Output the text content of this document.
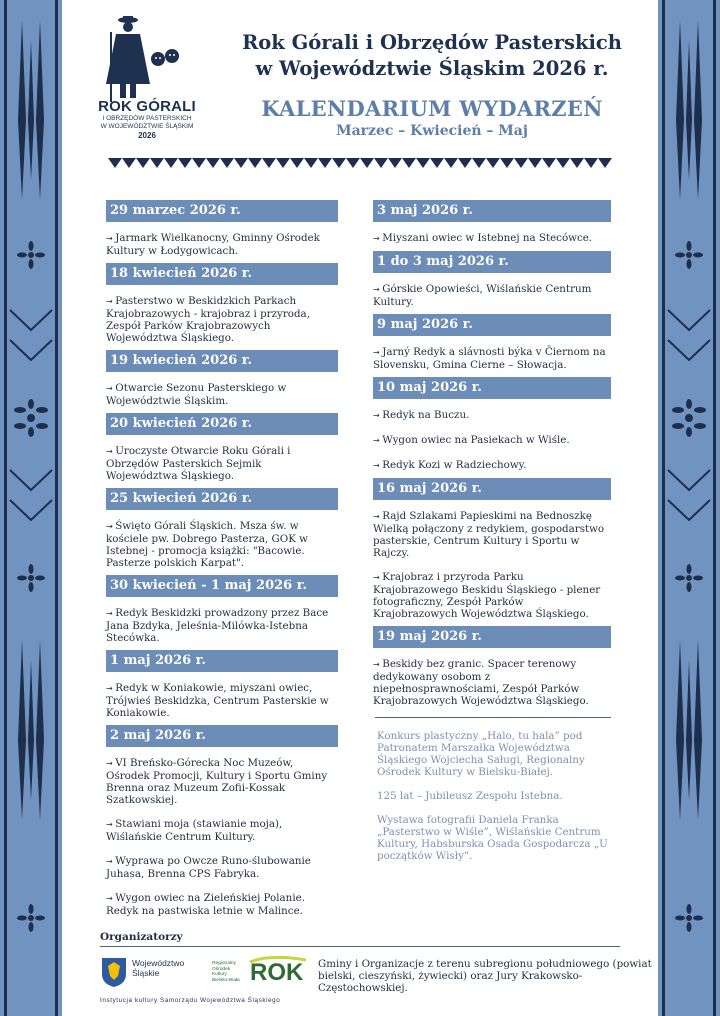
ROK GÓRALI
I OBRZĘDÓW PASTERSKICH
W WOJEWÓDZTWIE ŚLĄSKIM
2026
Rok Górali i Obrzędów Pasterskich
w Województwie Śląskim 2026 r.
KALENDARIUM WYDARZEŃ
Marzec – Kwiecień – Maj
29 marzec 2026 r.
→ Jarmark Wielkanocny, Gminny Ośrodek Kultury w Łodygowicach.
18 kwiecień 2026 r.
→ Pasterstwo w Beskidzkich Parkach Krajobrazowych - krajobraz i przyroda, Zespół Parków Krajobrazowych Województwa Śląskiego.
19 kwiecień 2026 r.
→ Otwarcie Sezonu Pasterskiego w Województwie Śląskim.
20 kwiecień 2026 r.
→ Uroczyste Otwarcie Roku Górali i Obrzędów Pasterskich Sejmik Województwa Śląskiego.
25 kwiecień 2026 r.
→ Święto Górali Śląskich. Msza św. w kościele pw. Dobrego Pasterza, GOK w Istebnej - promocja książki: "Bacowie. Pasterze polskich Karpat".
30 kwiecień - 1 maj 2026 r.
→ Redyk Beskidzki prowadzony przez Bace Jana Bzdyka, Jeleśnia-Milówka-Istebna Stecówka.
1 maj 2026 r.
→ Redyk w Koniakowie, miyszani owiec, Trójwieś Beskidzka, Centrum Pasterskie w Koniakowie.
2 maj 2026 r.
→ VI Breńsko-Górecka Noc Muzeów, Ośrodek Promocji, Kultury i Sportu Gminy Brenna oraz Muzeum Zofii-Kossak Szatkowskiej.
→ Stawiani moja (stawianie moja), Wiślańskie Centrum Kultury.
→ Wyprawa po Owcze Runo-ślubowanie Juhasa, Brenna CPS Fabryka.
→ Wygon owiec na Zieleńskiej Polanie. Redyk na pastwiska letnie w Malince.
3 maj 2026 r.
→ Miyszani owiec w Istebnej na Stecówce.
1 do 3 maj 2026 r.
→ Górskie Opowieści, Wiślańskie Centrum Kultury.
9 maj 2026 r.
→ Jarný Redyk a slávnosti býka v Čiernom na Slovensku, Gmina Cierne – Słowacja.
10 maj 2026 r.
→ Redyk na Buczu.
→ Wygon owiec na Pasiekach w Wiśle.
→ Redyk Kozi w Radziechowy.
16 maj 2026 r.
→ Rajd Szlakami Papieskimi na Bednoszkę Wielką połączony z redykiem, gospodarstwo pasterskie, Centrum Kultury i Sportu w Rajczy.
→ Krajobraz i przyroda Parku Krajobrazowego Beskidu Śląskiego - plener fotograficzny, Zespół Parków Krajobrazowych Województwa Śląskiego.
19 maj 2026 r.
→ Beskidy bez granic. Spacer terenowy dedykowany osobom z niepełnosprawnościami, Zespół Parków Krajobrazowych Województwa Śląskiego.
Konkurs plastyczny „Halo, tu hala” pod Patronatem Marszałka Województwa Śląskiego Wojciecha Saługi, Regionalny Ośrodek Kultury w Bielsku-Białej.
125 lat – Jubileusz Zespołu Istebna.
Wystawa fotografii Daniela Franka „Pasterstwo w Wiśle”, Wiślańskie Centrum Kultury, Habsburska Osada Gospodarcza „U początków Wisły”.
Organizatorzy
Województwo
Śląskie
Instytucja kultury Samorządu Województwa Śląskiego
Regionalny
Ośrodek
Kultury
Bielsko-Biała ROK Gminy i Organizacje z terenu subregionu południowego (powiat bielski, cieszyński, żywiecki) oraz Jury Krakowsko-Częstochowskiej.
